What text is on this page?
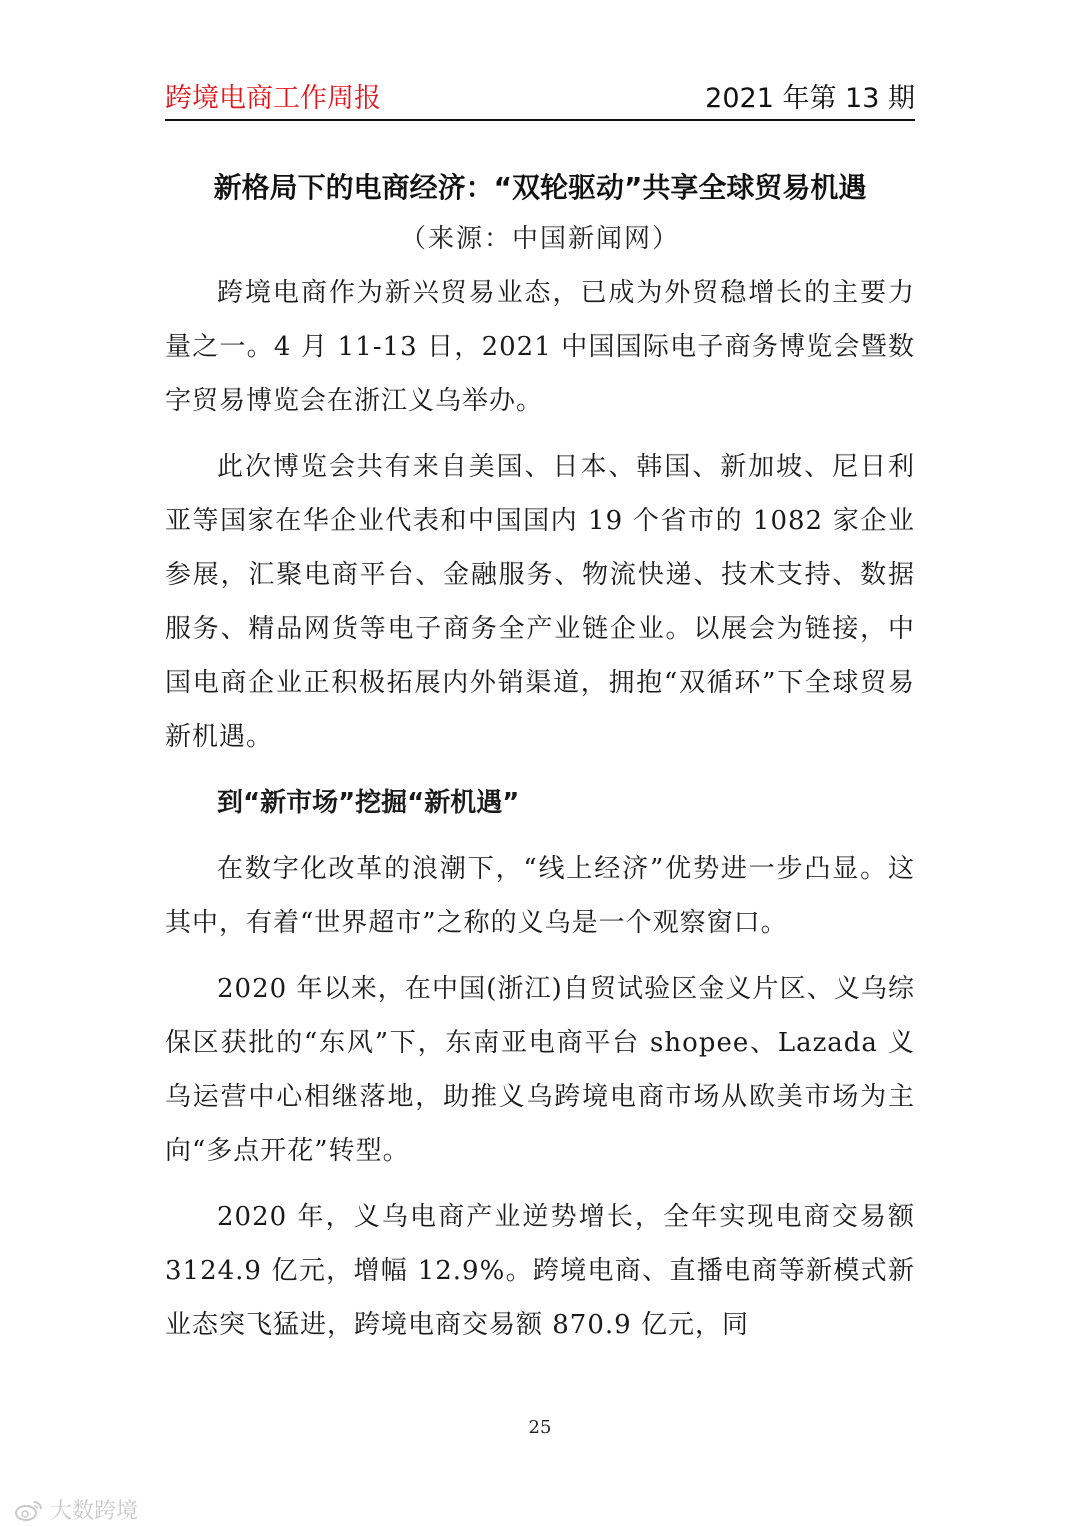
跨境电商工作周报	2021 年第 13 期
新格局下的电商经济：“双轮驱动”共享全球贸易机遇
（来源：中国新闻网）

跨境电商作为新兴贸易业态，已成为外贸稳增长的主要力量之一。4 月 11-13 日，2021 中国国际电子商务博览会暨数字贸易博览会在浙江义乌举办。

此次博览会共有来自美国、日本、韩国、新加坡、尼日利亚等国家在华企业代表和中国国内 19 个省市的 1082 家企业参展，汇聚电商平台、金融服务、物流快递、技术支持、数据服务、精品网货等电子商务全产业链企业。以展会为链接，中国电商企业正积极拓展内外销渠道，拥抱“双循环”下全球贸易新机遇。

到“新市场”挖掘“新机遇”

在数字化改革的浪潮下，“线上经济”优势进一步凸显。这其中，有着“世界超市”之称的义乌是一个观察窗口。

2020 年以来，在中国(浙江)自贸试验区金义片区、义乌综保区获批的“东风”下，东南亚电商平台 shopee、Lazada 义乌运营中心相继落地，助推义乌跨境电商市场从欧美市场为主向“多点开花”转型。

2020 年，义乌电商产业逆势增长，全年实现电商交易额 3124.9 亿元，增幅 12.9%。跨境电商、直播电商等新模式新业态突飞猛进，跨境电商交易额 870.9 亿元，同

25
大数跨境
